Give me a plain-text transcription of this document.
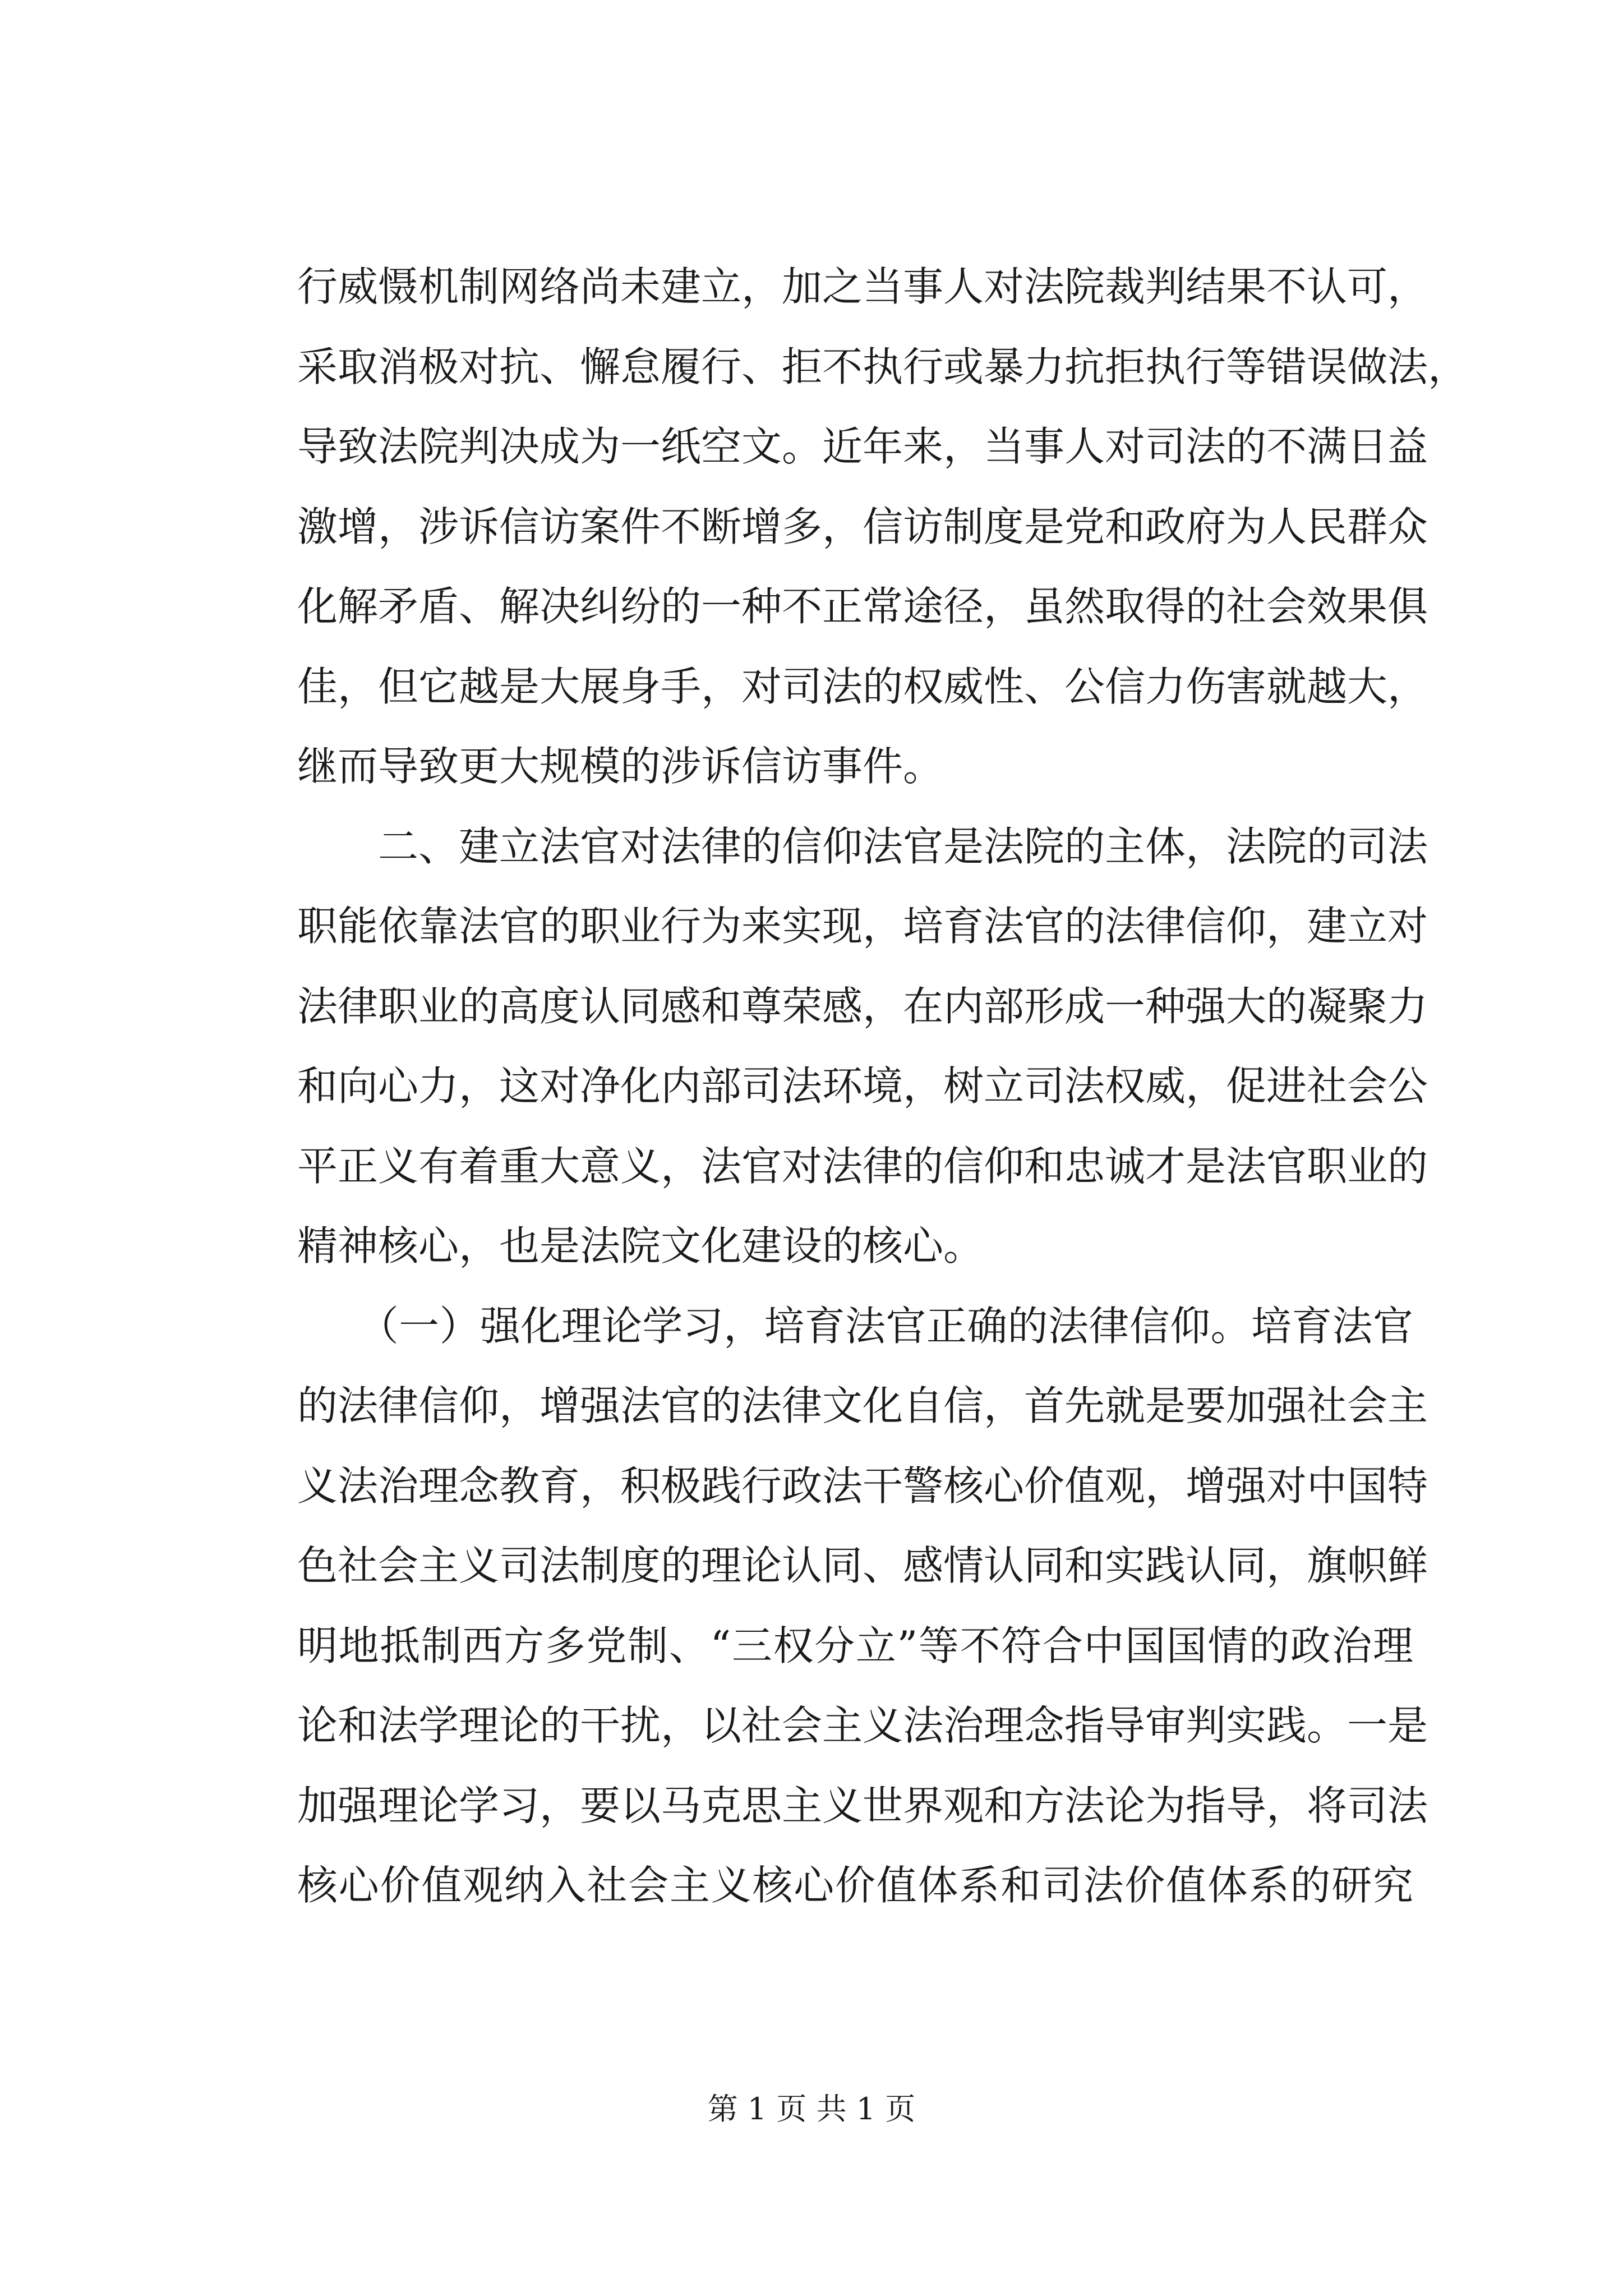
行威慑机制网络尚未建立，加之当事人对法院裁判结果不认可，
采取消极对抗、懈怠履行、拒不执行或暴力抗拒执行等错误做法，
导致法院判决成为一纸空文。近年来，当事人对司法的不满日益
激增，涉诉信访案件不断增多，信访制度是党和政府为人民群众
化解矛盾、解决纠纷的一种不正常途径，虽然取得的社会效果俱
佳，但它越是大展身手，对司法的权威性、公信力伤害就越大，
继而导致更大规模的涉诉信访事件。
　　二、建立法官对法律的信仰法官是法院的主体，法院的司法
职能依靠法官的职业行为来实现，培育法官的法律信仰，建立对
法律职业的高度认同感和尊荣感，在内部形成一种强大的凝聚力
和向心力，这对净化内部司法环境，树立司法权威，促进社会公
平正义有着重大意义，法官对法律的信仰和忠诚才是法官职业的
精神核心，也是法院文化建设的核心。
　　（一）强化理论学习，培育法官正确的法律信仰。培育法官
的法律信仰，增强法官的法律文化自信，首先就是要加强社会主
义法治理念教育，积极践行政法干警核心价值观，增强对中国特
色社会主义司法制度的理论认同、感情认同和实践认同，旗帜鲜
明地抵制西方多党制、“三权分立”等不符合中国国情的政治理
论和法学理论的干扰，以社会主义法治理念指导审判实践。一是
加强理论学习，要以马克思主义世界观和方法论为指导，将司法
核心价值观纳入社会主义核心价值体系和司法价值体系的研究
第 1 页 共 1 页
